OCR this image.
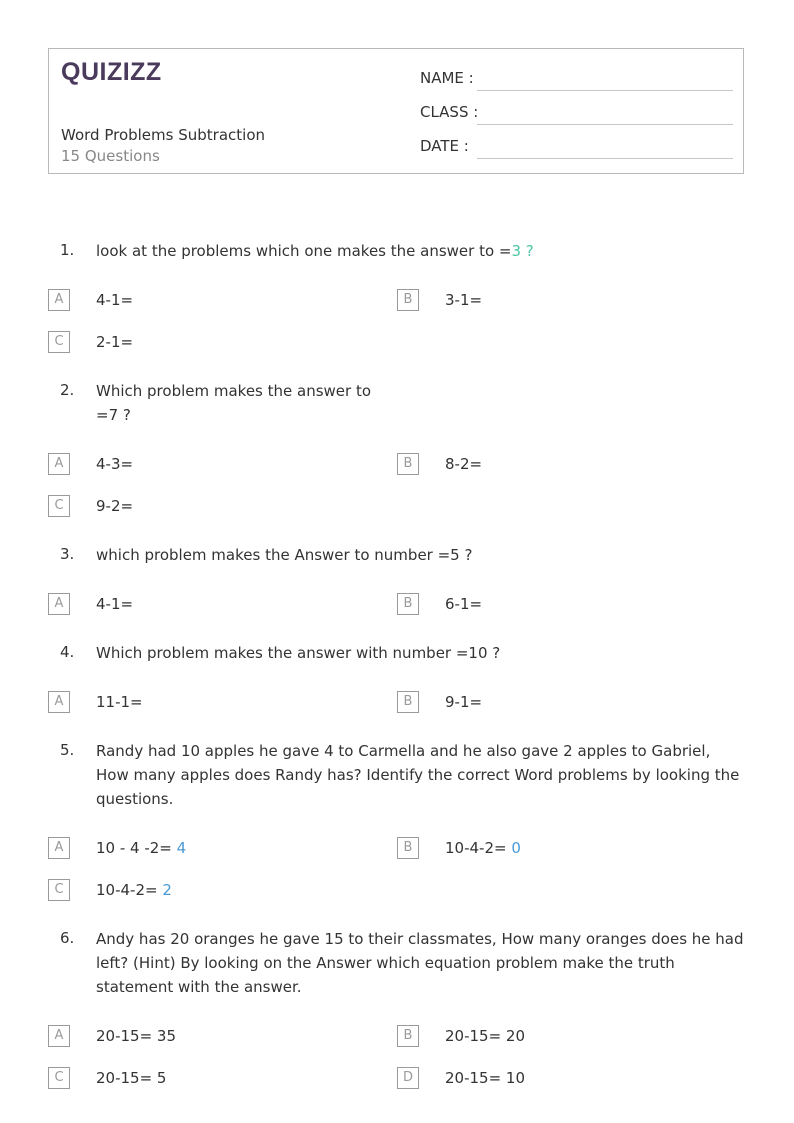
QUIZIZZ
Word Problems Subtraction
15 Questions
NAME :
CLASS :
DATE :
1. look at the problems which one makes the answer to =3 ?
A	4-1=	B	3-1=
C	2-1=
2. Which problem makes the answer to
=7 ?
A	4-3=	B	8-2=
C	9-2=
3. which problem makes the Answer to number =5 ?
A	4-1=	B	6-1=
4. Which problem makes the answer with number =10 ?
A	11-1=	B	9-1=
5. Randy had 10 apples he gave 4 to Carmella and he also gave 2 apples to Gabriel, How many apples does Randy has? Identify the correct Word problems by looking the questions.
A	10 - 4 -2= 4	B	10-4-2= 0
C	10-4-2= 2
6. Andy has 20 oranges he gave 15 to their classmates, How many oranges does he had left? (Hint) By looking on the Answer which equation problem make the truth statement with the answer.
A	20-15= 35	B	20-15= 20
C	20-15= 5	D	20-15= 10
